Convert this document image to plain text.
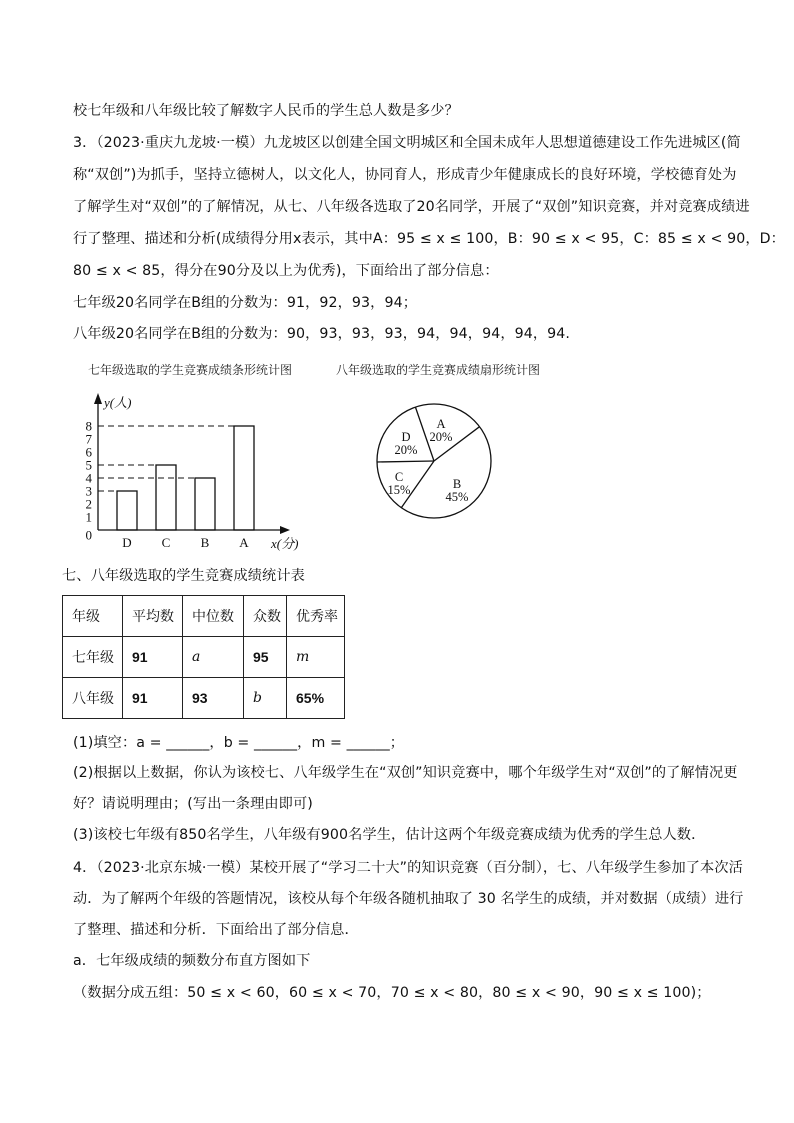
校七年级和八年级比较了解数字人民币的学生总人数是多少？
3．（2023·重庆九龙坡·一模）九龙坡区以创建全国文明城区和全国未成年人思想道德建设工作先进城区(简
称“双创”)为抓手，坚持立德树人，以文化人，协同育人，形成青少年健康成长的良好环境，学校德育处为
了解学生对“双创”的了解情况，从七、八年级各选取了20名同学，开展了“双创”知识竞赛，并对竞赛成绩进
行了整理、描述和分析(成绩得分用x表示，其中A：95 ≤ x ≤ 100，B：90 ≤ x < 95，C：85 ≤ x < 90，D：
80 ≤ x < 85，得分在90分及以上为优秀)，下面给出了部分信息：
七年级20名同学在B组的分数为：91，92，93，94；
八年级20名同学在B组的分数为：90，93，93，93，94，94，94，94，94.
七年级选取的学生竞赛成绩条形统计图	八年级选取的学生竞赛成绩扇形统计图
y(人)
x(分)
0
1
2
3
4
5
6
7
8
D C B A
A
20%
B
45%
C
15%
D
20%
七、八年级选取的学生竞赛成绩统计表
年级	平均数	中位数	众数	优秀率
七年级	91	a	95	m
八年级	91	93	b	65%
(1)填空：a = ______，b = ______，m = ______；
(2)根据以上数据，你认为该校七、八年级学生在“双创”知识竞赛中，哪个年级学生对“双创”的了解情况更
好？请说明理由；(写出一条理由即可)
(3)该校七年级有850名学生，八年级有900名学生，估计这两个年级竞赛成绩为优秀的学生总人数．
4．（2023·北京东城·一模）某校开展了“学习二十大”的知识竞赛（百分制），七、八年级学生参加了本次活
动．为了解两个年级的答题情况，该校从每个年级各随机抽取了 30 名学生的成绩，并对数据（成绩）进行
了整理、描述和分析．下面给出了部分信息．
a．七年级成绩的频数分布直方图如下
（数据分成五组：50 ≤ x < 60，60 ≤ x < 70，70 ≤ x < 80，80 ≤ x < 90，90 ≤ x ≤ 100)；
